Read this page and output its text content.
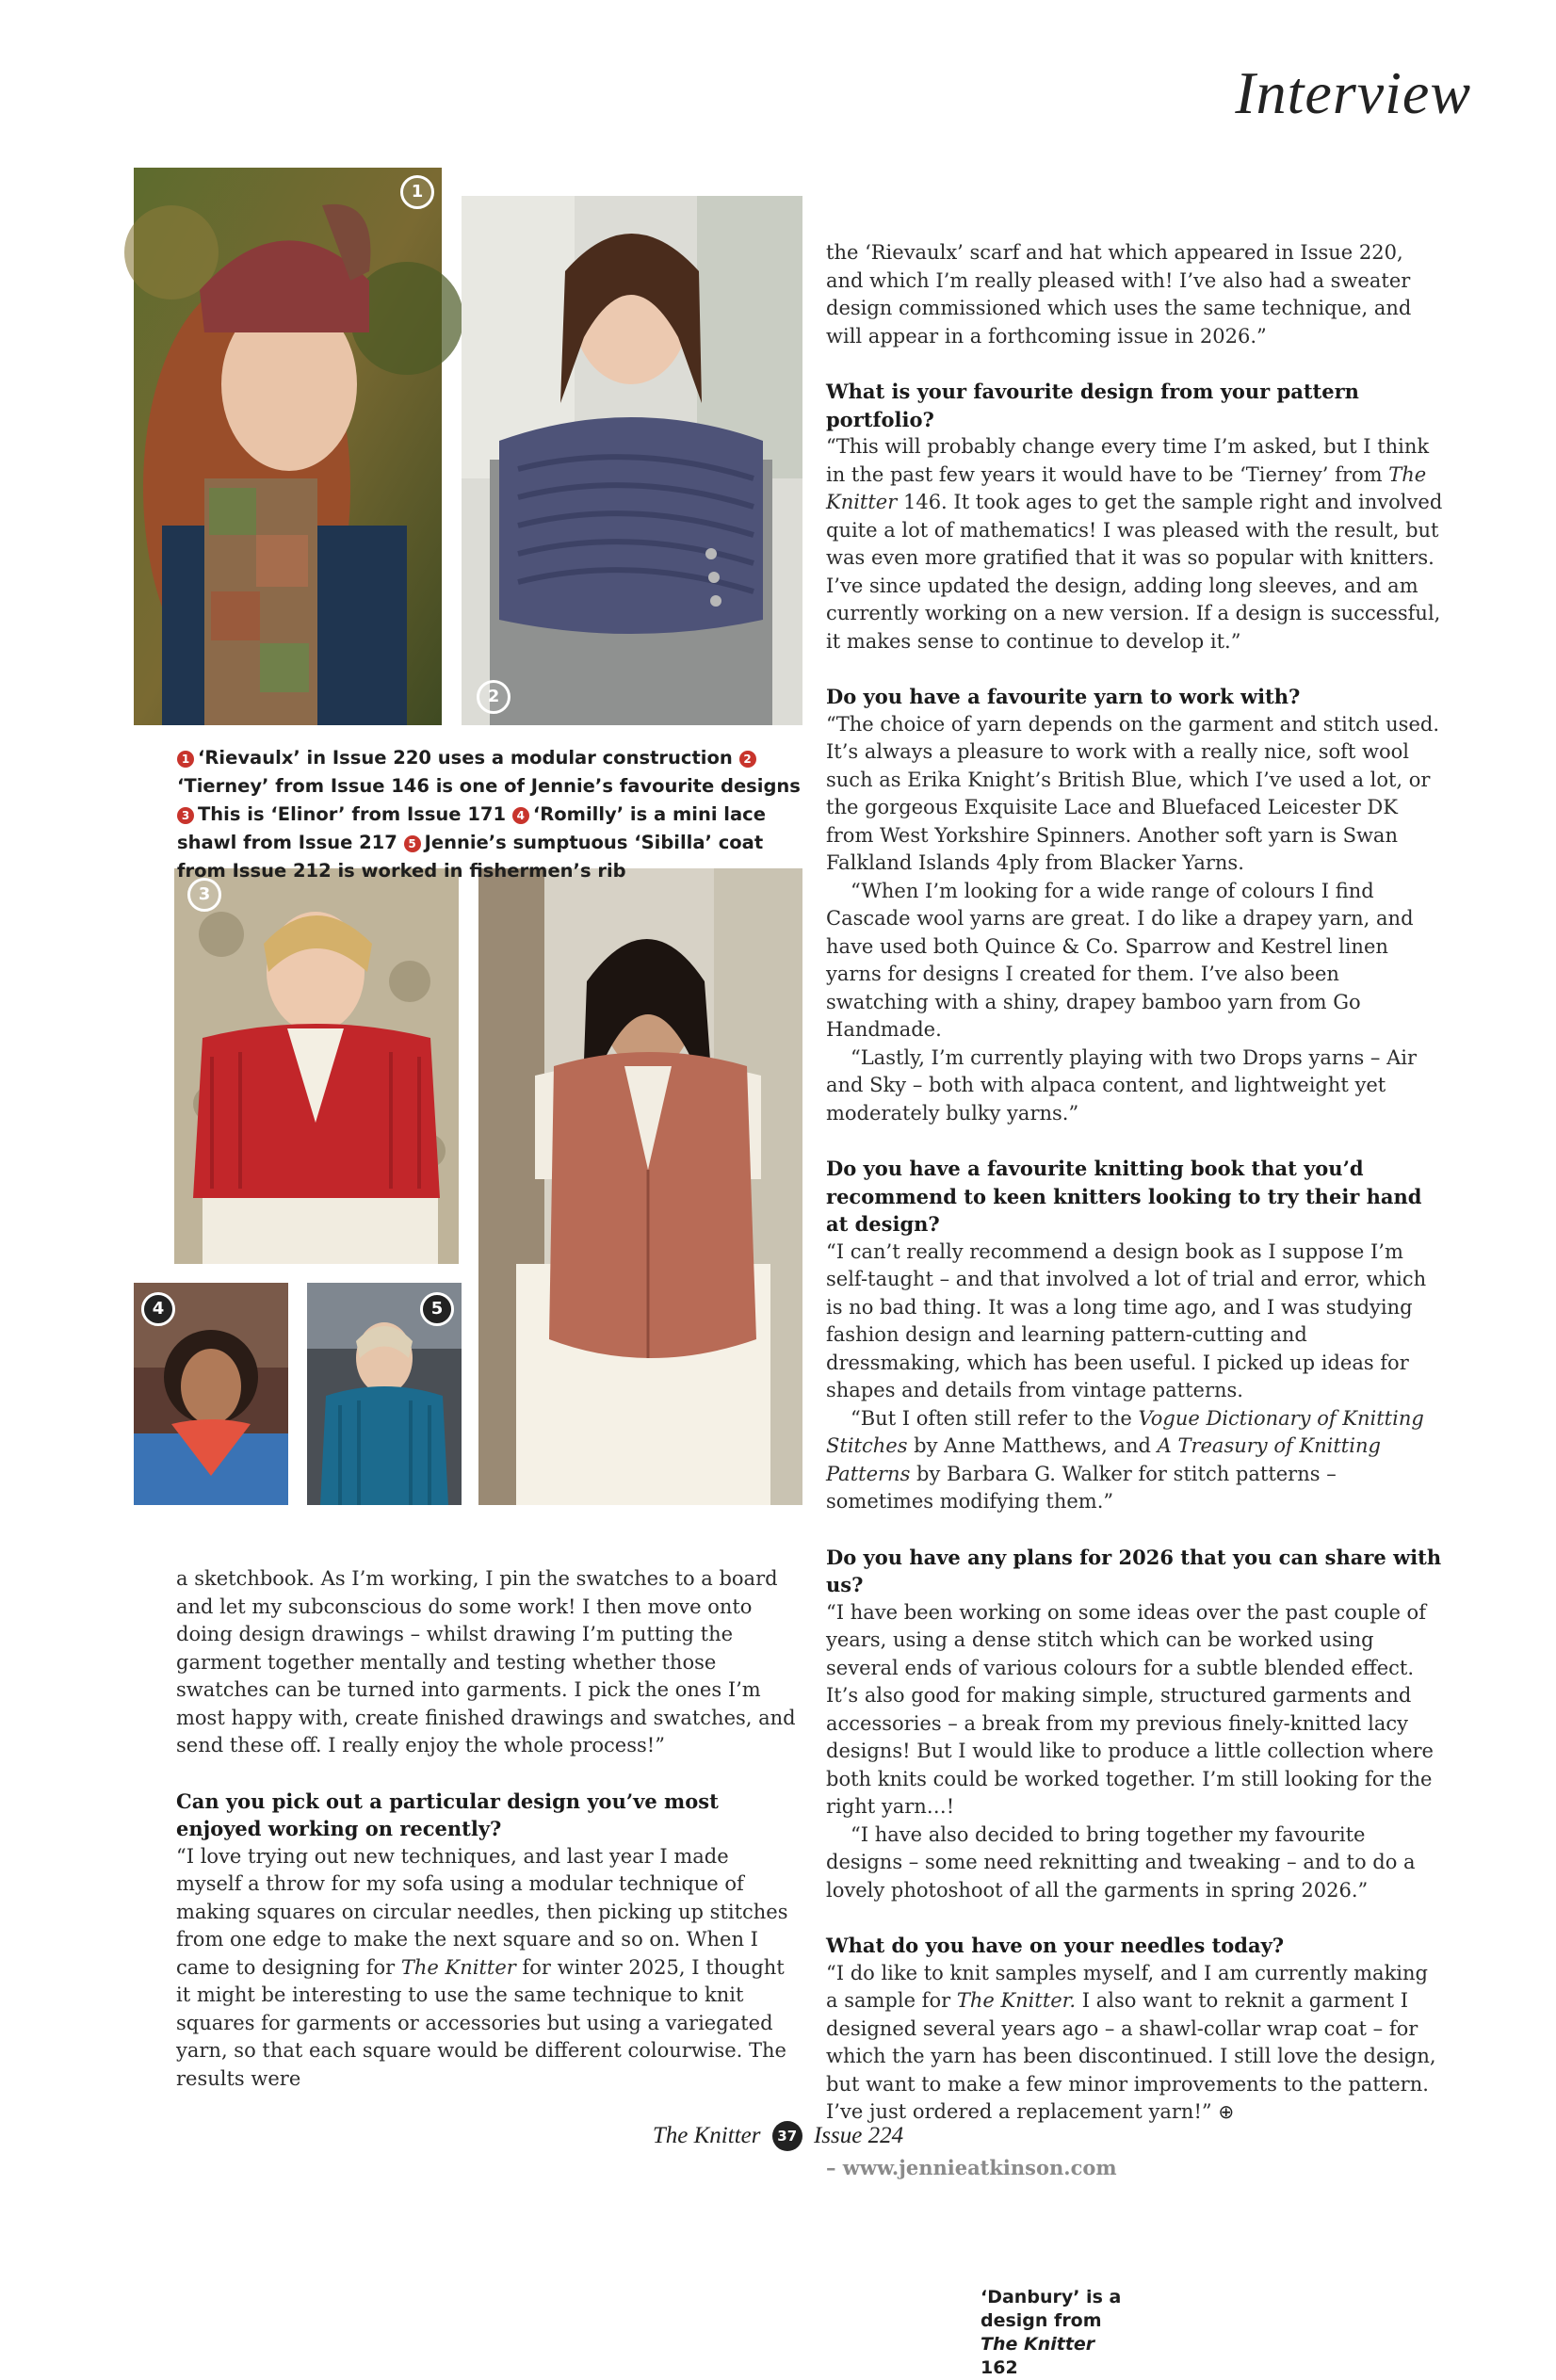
Interview
1
2
3
‘Danbury’ is a design from The Knitter 162
4	5
1 ‘Rievaulx’ in Issue 220 uses a modular construction 2‘Tierney’ from Issue 146 is one of Jennie’s favourite designs 3 This is ‘Elinor’ from Issue 171 4 ‘Romilly’ is a mini lace shawl from Issue 217 5 Jennie’s sumptuous ‘Sibilla’ coat from Issue 212 is worked in fishermen’s rib

a sketchbook. As I’m working, I pin the swatches to a board and let my subconscious do some work! I then move onto doing design drawings – whilst drawing I’m putting the garment together mentally and testing whether those swatches can be turned into garments. I pick the ones I’m most happy with, create finished drawings and swatches, and send these off. I really enjoy the whole process!”

Can you pick out a particular design you’ve most enjoyed working on recently?

“I love trying out new techniques, and last year I made myself a throw for my sofa using a modular technique of making squares on circular needles, then picking up stitches from one edge to make the next square and so on. When I came to designing for The Knitter for winter 2025, I thought it might be interesting to use the same technique to knit squares for garments or accessories but using a variegated yarn, so that each square would be different colourwise. The results were

the ‘Rievaulx’ scarf and hat which appeared in Issue 220, and which I’m really pleased with! I’ve also had a sweater design commissioned which uses the same technique, and will appear in a forthcoming issue in 2026.”

What is your favourite design from your pattern portfolio?

“This will probably change every time I’m asked, but I think in the past few years it would have to be ‘Tierney’ from The Knitter 146. It took ages to get the sample right and involved quite a lot of mathematics! I was pleased with the result, but was even more gratified that it was so popular with knitters. I’ve since updated the design, adding long sleeves, and am currently working on a new version. If a design is successful, it makes sense to continue to develop it.”

Do you have a favourite yarn to work with?

“The choice of yarn depends on the garment and stitch used. It’s always a pleasure to work with a really nice, soft wool such as Erika Knight’s British Blue, which I’ve used a lot, or the gorgeous Exquisite Lace and Bluefaced Leicester DK from West Yorkshire Spinners. Another soft yarn is Swan Falkland Islands 4ply from Blacker Yarns.

“When I’m looking for a wide range of colours I find Cascade wool yarns are great. I do like a drapey yarn, and have used both Quince & Co. Sparrow and Kestrel linen yarns for designs I created for them. I’ve also been swatching with a shiny, drapey bamboo yarn from Go Handmade.

“Lastly, I’m currently playing with two Drops yarns – Air and Sky – both with alpaca content, and lightweight yet moderately bulky yarns.”

Do you have a favourite knitting book that you’d recommend to keen knitters looking to try their hand at design?

“I can’t really recommend a design book as I suppose I’m self-taught – and that involved a lot of trial and error, which is no bad thing. It was a long time ago, and I was studying fashion design and learning pattern-cutting and dressmaking, which has been useful. I picked up ideas for shapes and details from vintage patterns.

“But I often still refer to the Vogue Dictionary of Knitting Stitches by Anne Matthews, and A Treasury of Knitting Patterns by Barbara G. Walker for stitch patterns – sometimes modifying them.”

Do you have any plans for 2026 that you can share with us?

“I have been working on some ideas over the past couple of years, using a dense stitch which can be worked using several ends of various colours for a subtle blended effect. It’s also good for making simple, structured garments and accessories – a break from my previous finely-knitted lacy designs! But I would like to produce a little collection where both knits could be worked together. I’m still looking for the right yarn…!

“I have also decided to bring together my favourite designs – some need reknitting and tweaking – and to do a lovely photoshoot of all the garments in spring 2026.”

What do you have on your needles today?

“I do like to knit samples myself, and I am currently making a sample for The Knitter. I also want to reknit a garment I designed several years ago – a shawl-collar wrap coat – for which the yarn has been discontinued. I still love the design, but want to make a few minor improvements to the pattern. I’ve just ordered a replacement yarn!” ⊕

– www.jennieatkinson.com

The Knitter 37 Issue 224
